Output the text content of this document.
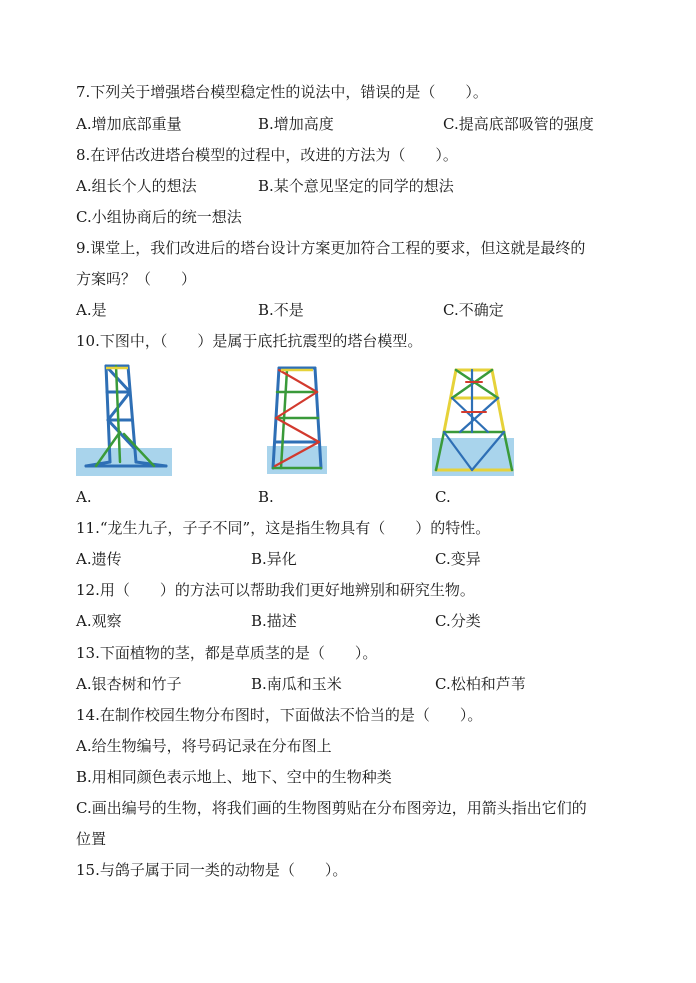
7.下列关于增强塔台模型稳定性的说法中，错误的是（　　）。
A.增加底部重量	B.增加高度	C.提高底部吸管的强度
8.在评估改进塔台模型的过程中，改进的方法为（　　）。
A.组长个人的想法	B.某个意见坚定的同学的想法
C.小组协商后的统一想法
9.课堂上，我们改进后的塔台设计方案更加符合工程的要求，但这就是最终的
方案吗？（　　）
A.是	B.不是	C.不确定
10.下图中，（　　）是属于底托抗震型的塔台模型。
A.	B.	C.
11.“龙生九子，子子不同”，这是指生物具有（　　）的特性。
A.遗传	B.异化	C.变异
12.用（　　）的方法可以帮助我们更好地辨别和研究生物。
A.观察	B.描述	C.分类
13.下面植物的茎，都是草质茎的是（　　）。
A.银杏树和竹子	B.南瓜和玉米	C.松柏和芦苇
14.在制作校园生物分布图时，下面做法不恰当的是（　　）。
A.给生物编号，将号码记录在分布图上
B.用相同颜色表示地上、地下、空中的生物种类
C.画出编号的生物，将我们画的生物图剪贴在分布图旁边，用箭头指出它们的
位置
15.与鸽子属于同一类的动物是（　　）。
